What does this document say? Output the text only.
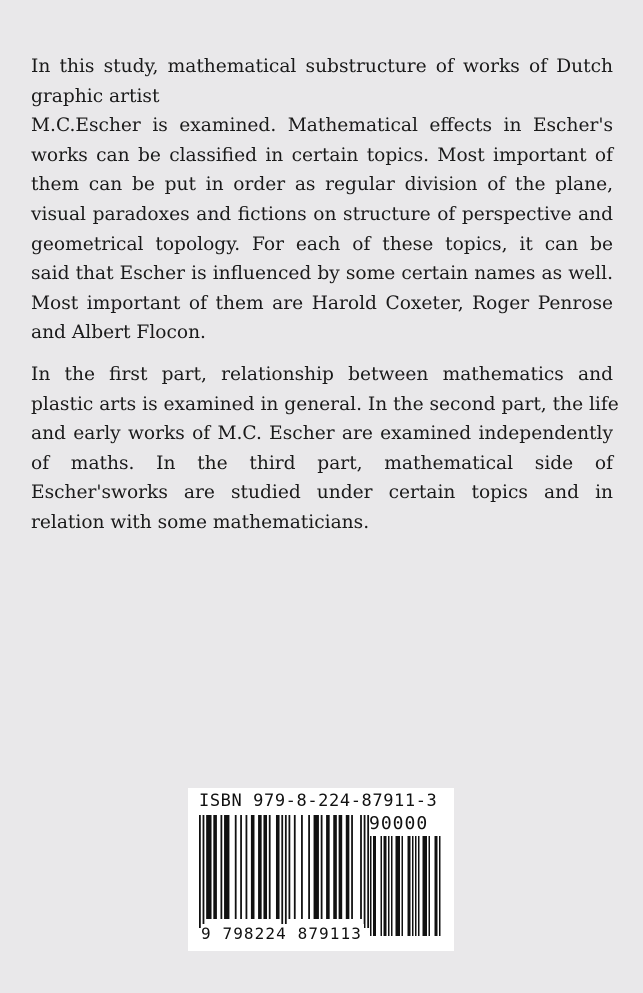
In this study, mathematical substructure of works of Dutch
graphic artist
M.C.Escher is examined. Mathematical effects in Escher's
works can be classified in certain topics. Most important of
them can be put in order as regular division of the plane,
visual paradoxes and fictions on structure of perspective and
geometrical topology. For each of these topics, it can be
said that Escher is influenced by some certain names as well.
Most important of them are Harold Coxeter, Roger Penrose
and Albert Flocon.

In the first part, relationship between mathematics and
plastic arts is examined in general. In the second part, the life
and early works of M.C. Escher are examined independently
of maths. In the third part, mathematical side of
Escher'sworks are studied under certain topics and in
relation with some mathematicians.

ISBN 979-8-224-87911-3
90000
9 798224 879113
